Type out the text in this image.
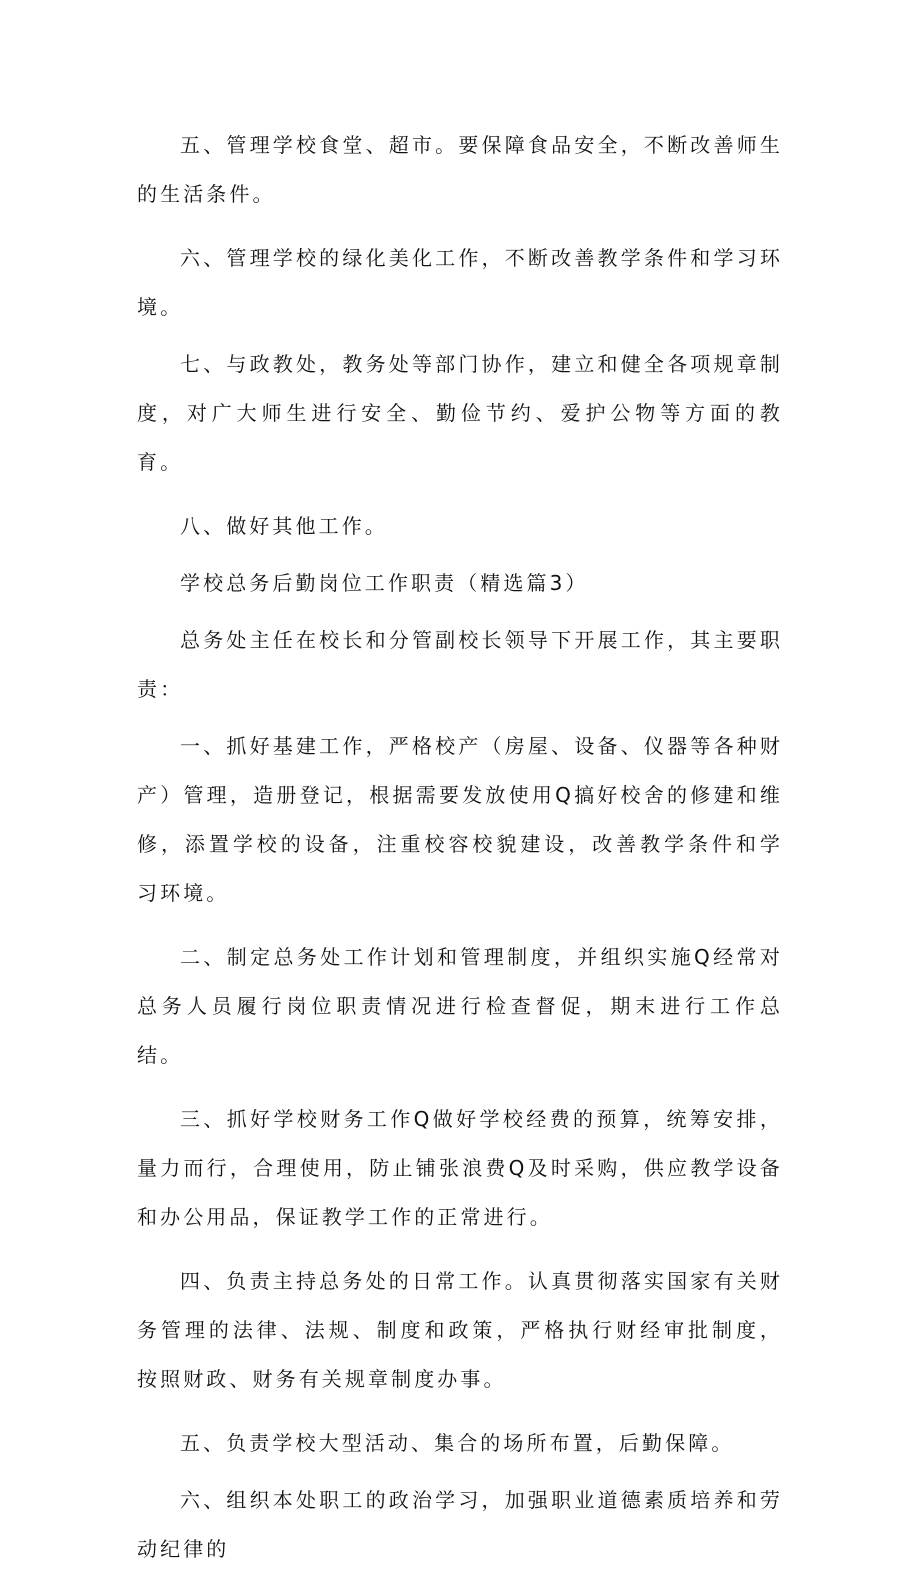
五、管理学校食堂、超市。要保障食品安全，不断改善师生的生活条件。

六、管理学校的绿化美化工作，不断改善教学条件和学习环境。

七、与政教处，教务处等部门协作，建立和健全各项规章制度，对广大师生进行安全、勤俭节约、爱护公物等方面的教育。

八、做好其他工作。

学校总务后勤岗位工作职责（精选篇3）

总务处主任在校长和分管副校长领导下开展工作，其主要职责：

一、抓好基建工作，严格校产（房屋、设备、仪器等各种财产）管理，造册登记，根据需要发放使用Q搞好校舍的修建和维修，添置学校的设备，注重校容校貌建设，改善教学条件和学习环境。

二、制定总务处工作计划和管理制度，并组织实施Q经常对总务人员履行岗位职责情况进行检查督促，期末进行工作总结。

三、抓好学校财务工作Q做好学校经费的预算，统筹安排，量力而行，合理使用，防止铺张浪费Q及时采购，供应教学设备和办公用品，保证教学工作的正常进行。

四、负责主持总务处的日常工作。认真贯彻落实国家有关财务管理的法律、法规、制度和政策，严格执行财经审批制度，按照财政、财务有关规章制度办事。

五、负责学校大型活动、集合的场所布置，后勤保障。

六、组织本处职工的政治学习，加强职业道德素质培养和劳动纪律的
